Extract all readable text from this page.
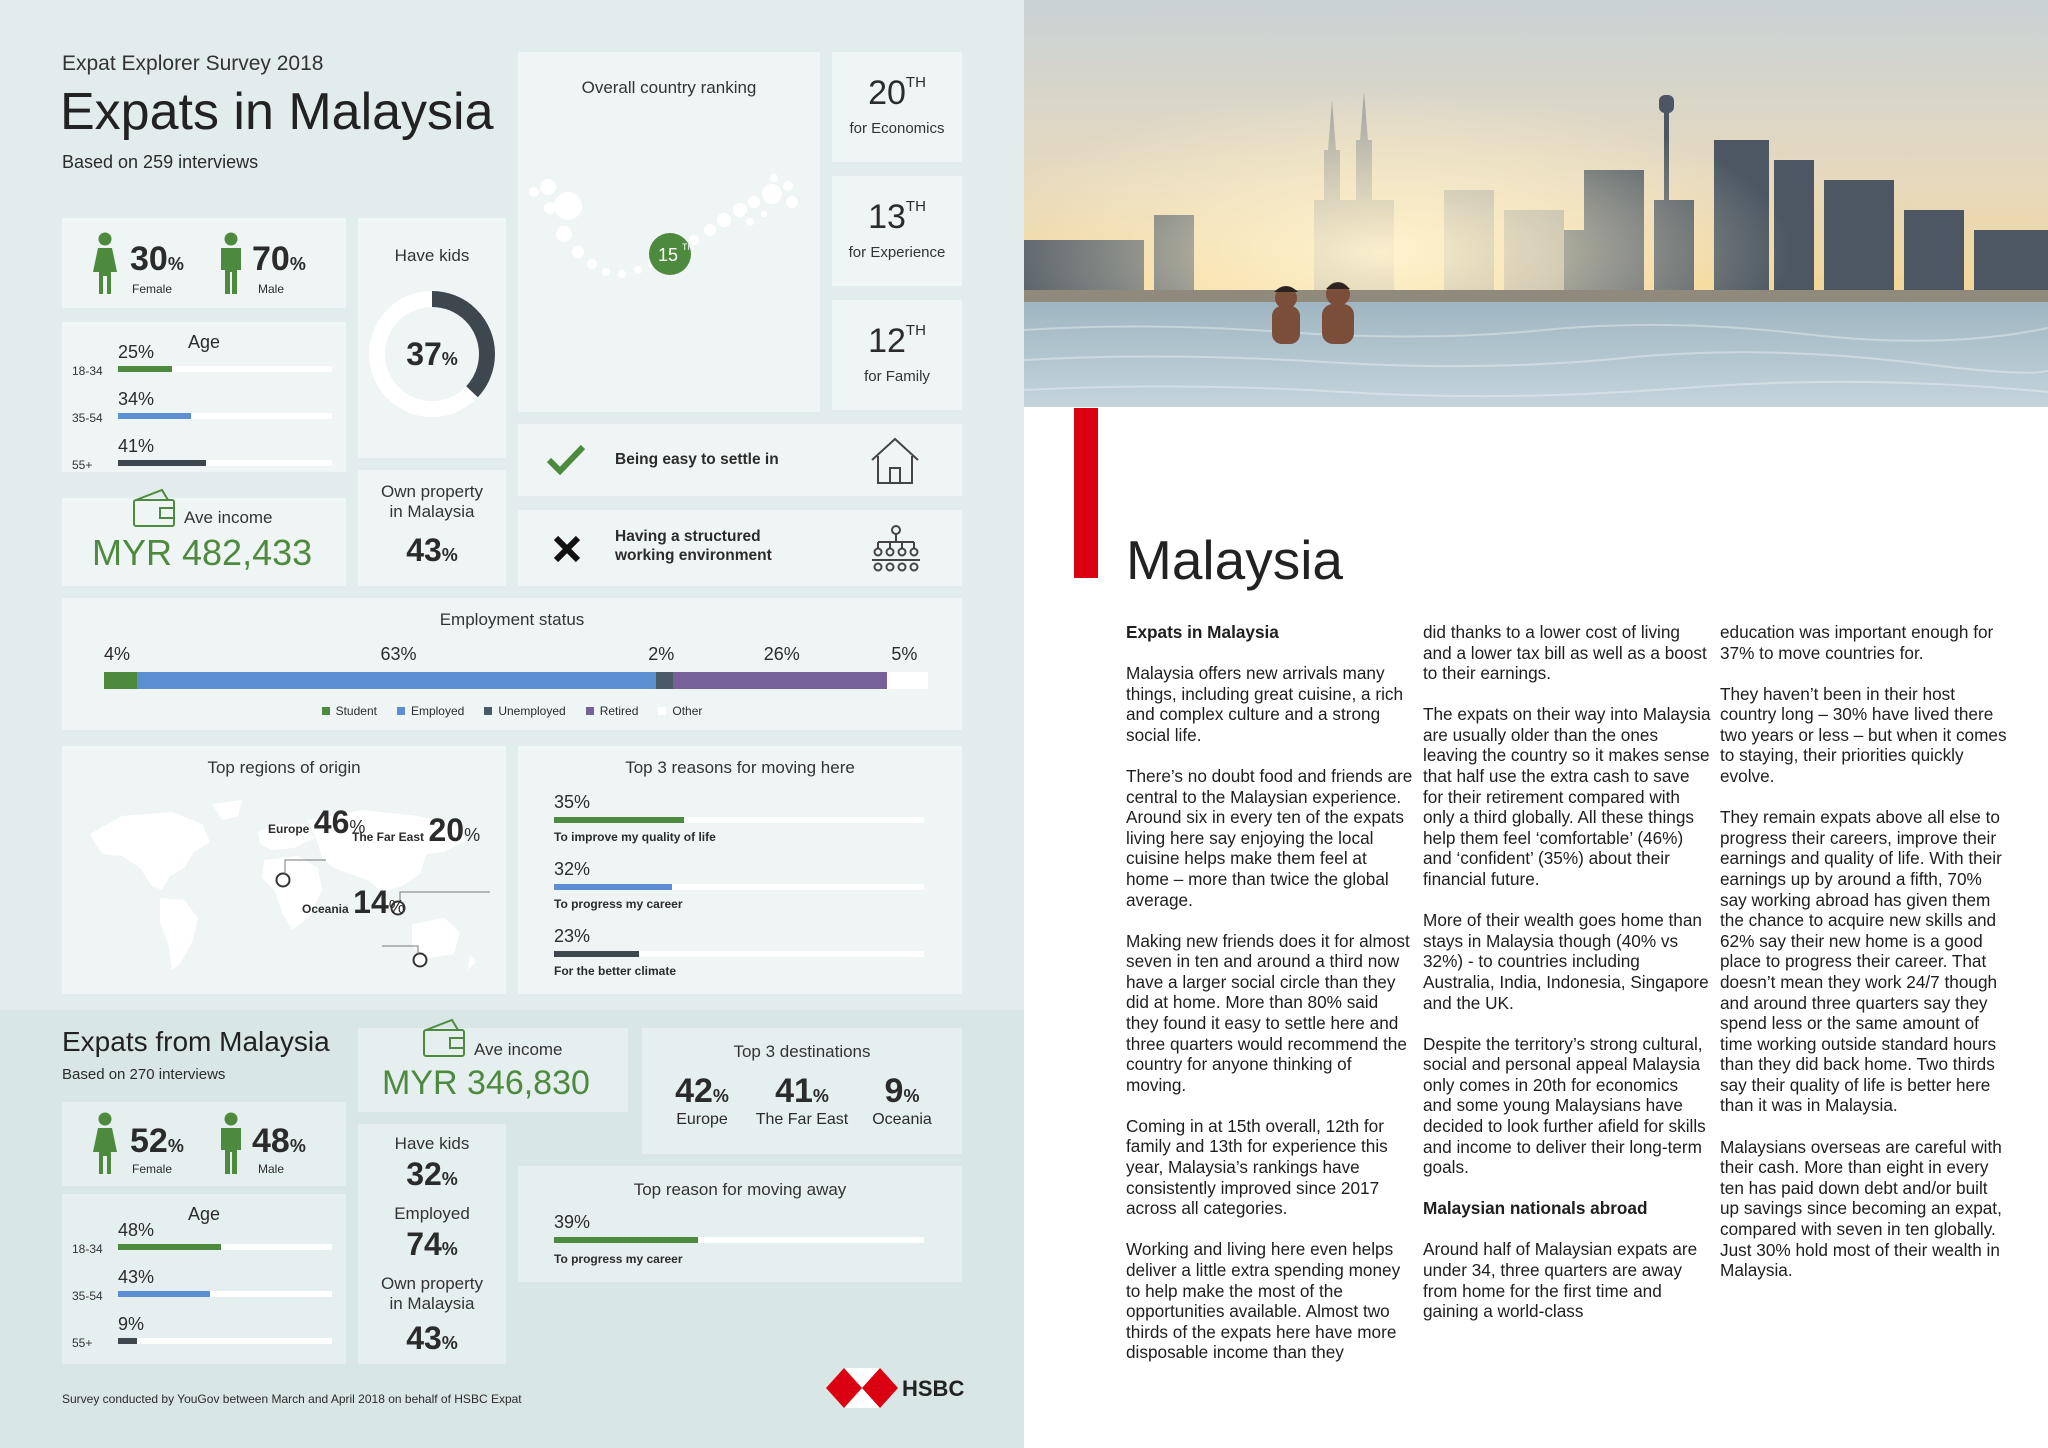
Expat Explorer Survey 2018
Expats in Malaysia
Based on 259 interviews
30%
Female
70%
Male
Age
25%
18-34
34%
35-54
41%
55+
Have kids
37%
Own property
in Malaysia
43%
Ave income
MYR 482,433
Overall country ranking
15 TH
20TH
for Economics
13TH
for Experience
12TH
for Family
Being easy to settle in
Having a structured
working environment
Employment status
4%	63%	2%	26%	5%
Student	Employed	Unemployed	Retired	Other
Top regions of origin
Europe 46%
The Far East 20%
Oceania 14%
Top 3 reasons for moving here
35%
To improve my quality of life
32%
To progress my career
23%
For the better climate
Expats from Malaysia
Based on 270 interviews
Ave income
MYR 346,830
Top 3 destinations
42%
Europe
41%
The Far East
9%
Oceania
52%
Female
48%
Male
Age
48%
18-34
43%
35-54
9%
55+
Have kids
32%
Employed
74%
Own property
in Malaysia
43%
Top reason for moving away
39%
To progress my career
Survey conducted by YouGov between March and April 2018 on behalf of HSBC Expat	HSBC
Malaysia

Expats in Malaysia

Malaysia offers new arrivals many things, including great cuisine, a rich and complex culture and a strong social life.

There’s no doubt food and friends are central to the Malaysian experience. Around six in every ten of the expats living here say enjoying the local cuisine helps make them feel at home – more than twice the global average.

Making new friends does it for almost seven in ten and around a third now have a larger social circle than they did at home. More than 80% said they found it easy to settle here and three quarters would recommend the country for anyone thinking of moving.

Coming in at 15th overall, 12th for family and 13th for experience this year, Malaysia’s rankings have consistently improved since 2017 across all categories.

Working and living here even helps deliver a little extra spending money to help make the most of the opportunities available. Almost two thirds of the expats here have more disposable income than they

did thanks to a lower cost of living and a lower tax bill as well as a boost to their earnings.

The expats on their way into Malaysia are usually older than the ones leaving the country so it makes sense that half use the extra cash to save for their retirement compared with only a third globally. All these things help them feel ‘comfortable’ (46%) and ‘confident’ (35%) about their financial future.

More of their wealth goes home than stays in Malaysia though (40% vs 32%) - to countries including Australia, India, Indonesia, Singapore and the UK.

Despite the territory’s strong cultural, social and personal appeal Malaysia only comes in 20th for economics and some young Malaysians have decided to look further afield for skills and income to deliver their long-term goals.

Malaysian nationals abroad

Around half of Malaysian expats are under 34, three quarters are away from home for the first time and gaining a world-class

education was important enough for 37% to move countries for.

They haven’t been in their host country long – 30% have lived there two years or less – but when it comes to staying, their priorities quickly evolve.

They remain expats above all else to progress their careers, improve their earnings and quality of life. With their earnings up by around a fifth, 70% say working abroad has given them the chance to acquire new skills and 62% say their new home is a good place to progress their career. That doesn’t mean they work 24/7 though and around three quarters say they spend less or the same amount of time working outside standard hours than they did back home. Two thirds say their quality of life is better here than it was in Malaysia.

Malaysians overseas are careful with their cash. More than eight in every ten has paid down debt and/or built up savings since becoming an expat, compared with seven in ten globally. Just 30% hold most of their wealth in Malaysia.
